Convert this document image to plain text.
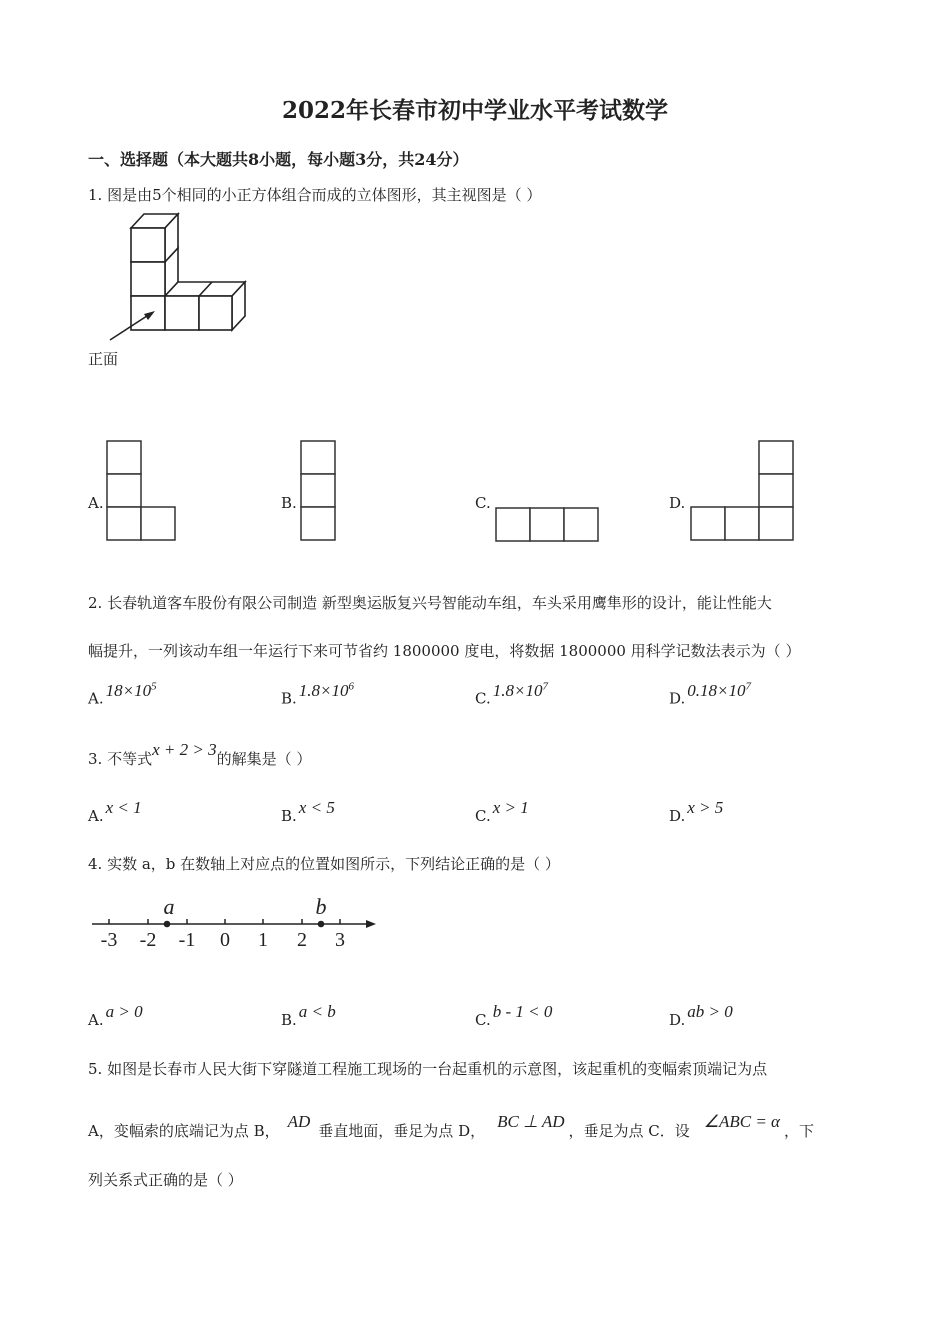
2022年长春市初中学业水平考试数学
一、选择题（本大题共8小题，每小题3分，共24分）
1. 图是由5个相同的小正方体组合而成的立体图形，其主视图是（ ）
正面
A.	B.	C.	D.
2. 长春轨道客车股份有限公司制造 新型奥运版复兴号智能动车组，车头采用鹰隼形的设计，能让性能大
幅提升，一列该动车组一年运行下来可节省约 1800000 度电，将数据 1800000 用科学记数法表示为（ ）
A. $18\times 10^5$
B. $1.8\times 10^6$
C. $1.8\times 10^7$
D. $0.18\times 10^7$
3. 不等式x + 2 > 3的解集是（ ）
A. x < 1	B. x < 5	C. x > 1	D. x > 5
4. 实数 a，b 在数轴上对应点的位置如图所示，下列结论正确的是（ ）
-3 -2 -1 0 1 2 3
a	b
A. a > 0	B. a < b	C. b - 1 < 0	D. ab > 0
5. 如图是长春市人民大街下穿隧道工程施工现场的一台起重机的示意图，该起重机的变幅索顶端记为点
A，变幅索的底端记为点 B， AD 垂直地面，垂足为点 D， BC ⊥ AD ，垂足为点 C．设 ∠ABC = α ，下
列关系式正确的是（ ）
